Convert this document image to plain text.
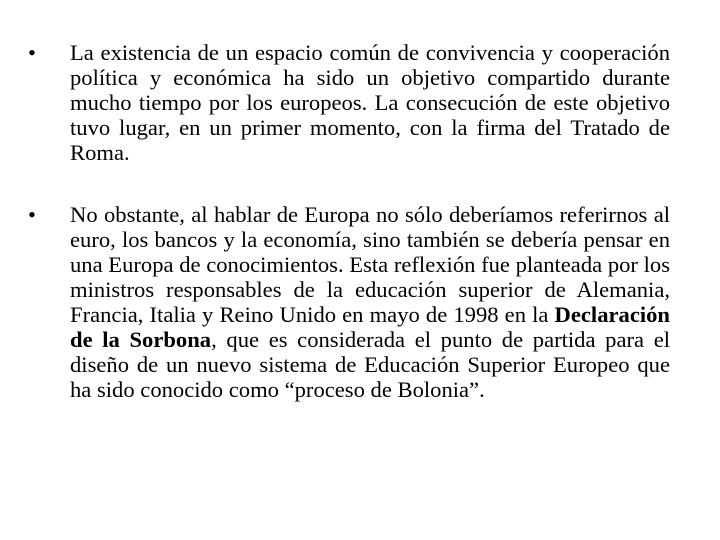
•	La existencia de un espacio común de convivencia y cooperación política y económica ha sido un objetivo compartido durante mucho tiempo por los europeos. La consecución de este objetivo tuvo lugar, en un primer momento, con la firma del Tratado de Roma.
•	No obstante, al hablar de Europa no sólo deberíamos referirnos al euro, los bancos y la economía, sino también se debería pensar en una Europa de conocimientos. Esta reflexión fue planteada por los ministros responsables de la educación superior de Alemania, Francia, Italia y Reino Unido en mayo de 1998 en la Declaración de la Sorbona, que es considerada el punto de partida para el diseño de un nuevo sistema de Educación Superior Europeo que ha sido conocido como “proceso de Bolonia”.
